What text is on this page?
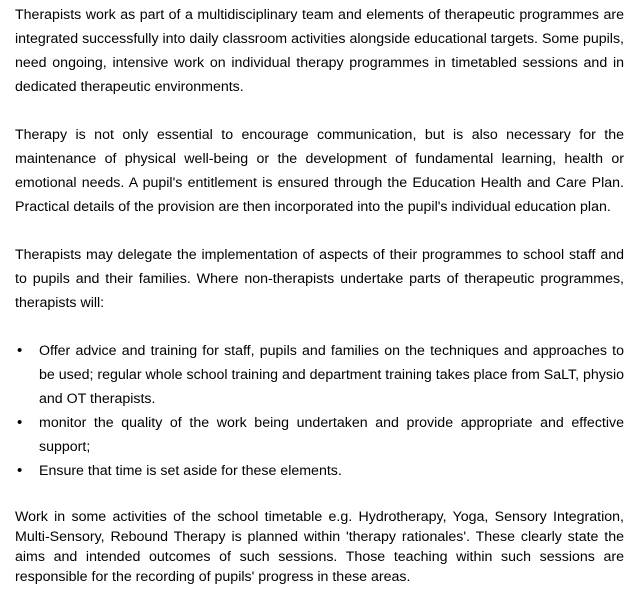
Therapists work as part of a multidisciplinary team and elements of therapeutic programmes are integrated successfully into daily classroom activities alongside educational targets. Some pupils, need ongoing, intensive work on individual therapy programmes in timetabled sessions and in dedicated therapeutic environments.

Therapy is not only essential to encourage communication, but is also necessary for the maintenance of physical well-being or the development of fundamental learning, health or emotional needs. A pupil's entitlement is ensured through the Education Health and Care Plan. Practical details of the provision are then incorporated into the pupil's individual education plan.

Therapists may delegate the implementation of aspects of their programmes to school staff and to pupils and their families. Where non-therapists undertake parts of therapeutic programmes, therapists will:

• Offer advice and training for staff, pupils and families on the techniques and approaches to be used; regular whole school training and department training takes place from SaLT, physio and OT therapists.
• monitor the quality of the work being undertaken and provide appropriate and effective support;
• Ensure that time is set aside for these elements.

Work in some activities of the school timetable e.g. Hydrotherapy, Yoga, Sensory Integration, Multi-Sensory, Rebound Therapy is planned within 'therapy rationales'. These clearly state the aims and intended outcomes of such sessions. Those teaching within such sessions are responsible for the recording of pupils' progress in these areas.
